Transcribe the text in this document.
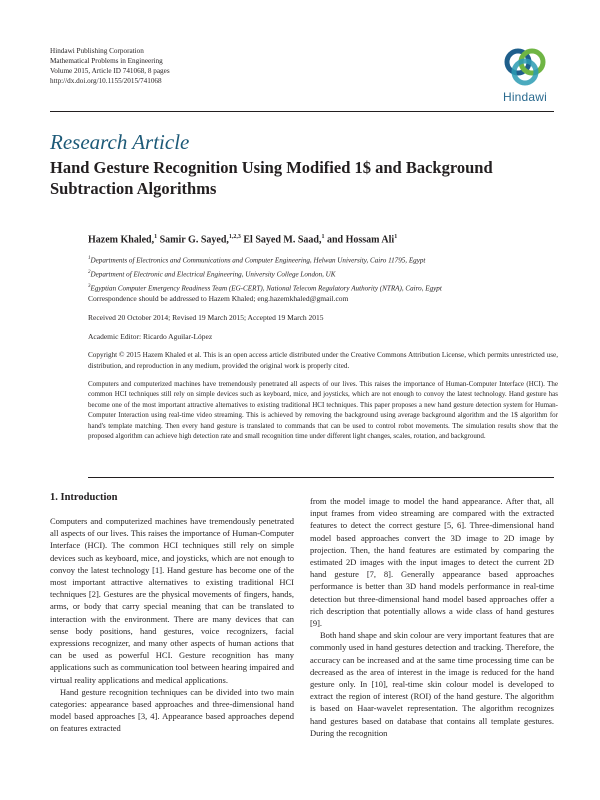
Hindawi Publishing Corporation
Mathematical Problems in Engineering
Volume 2015, Article ID 741068, 8 pages
http://dx.doi.org/10.1155/2015/741068
Hindawi
Research Article
Hand Gesture Recognition Using Modified 1$ and Background Subtraction Algorithms
Hazem Khaled,$^1$ Samir G. Sayed,$^{1,2,3}$ El Sayed M. Saad,$^1$ and Hossam Ali$^1$
$^1$Departments of Electronics and Communications and Computer Engineering, Helwan University, Cairo 11795, Egypt
$^2$Department of Electronic and Electrical Engineering, University College London, UK
$^3$Egyptian Computer Emergency Readiness Team (EG-CERT), National Telecom Regulatory Authority (NTRA), Cairo, Egypt
Correspondence should be addressed to Hazem Khaled; eng.hazemkhaled@gmail.com
Received 20 October 2014; Revised 19 March 2015; Accepted 19 March 2015
Academic Editor: Ricardo Aguilar-López
Copyright © 2015 Hazem Khaled et al. This is an open access article distributed under the Creative Commons Attribution License, which permits unrestricted use, distribution, and reproduction in any medium, provided the original work is properly cited.
Computers and computerized machines have tremendously penetrated all aspects of our lives. This raises the importance of Human-Computer Interface (HCI). The common HCI techniques still rely on simple devices such as keyboard, mice, and joysticks, which are not enough to convoy the latest technology. Hand gesture has become one of the most important attractive alternatives to existing traditional HCI techniques. This paper proposes a new hand gesture detection system for Human-Computer Interaction using real-time video streaming. This is achieved by removing the background using average background algorithm and the 1$ algorithm for hand's template matching. Then every hand gesture is translated to commands that can be used to control robot movements. The simulation results show that the proposed algorithm can achieve high detection rate and small recognition time under different light changes, scales, rotation, and background.
1. Introduction

Computers and computerized machines have tremendously penetrated all aspects of our lives. This raises the importance of Human-Computer Interface (HCI). The common HCI techniques still rely on simple devices such as keyboard, mice, and joysticks, which are not enough to convoy the latest technology [1]. Hand gesture has become one of the most important attractive alternatives to existing traditional HCI techniques [2]. Gestures are the physical movements of fingers, hands, arms, or body that carry special meaning that can be translated to interaction with the environment. There are many devices that can sense body positions, hand gestures, voice recognizers, facial expressions recognizer, and many other aspects of human actions that can be used as powerful HCI. Gesture recognition has many applications such as communication tool between hearing impaired and virtual reality applications and medical applications.

Hand gesture recognition techniques can be divided into two main categories: appearance based approaches and three-dimensional hand model based approaches [3, 4]. Appearance based approaches depend on features extracted

from the model image to model the hand appearance. After that, all input frames from video streaming are compared with the extracted features to detect the correct gesture [5, 6]. Three-dimensional hand model based approaches convert the 3D image to 2D image by projection. Then, the hand features are estimated by comparing the estimated 2D images with the input images to detect the current 2D hand gesture [7, 8]. Generally appearance based approaches performance is better than 3D hand models performance in real-time detection but three-dimensional hand model based approaches offer a rich description that potentially allows a wide class of hand gestures [9].

Both hand shape and skin colour are very important features that are commonly used in hand gestures detection and tracking. Therefore, the accuracy can be increased and at the same time processing time can be decreased as the area of interest in the image is reduced for the hand gesture only. In [10], real-time skin colour model is developed to extract the region of interest (ROI) of the hand gesture. The algorithm is based on Haar-wavelet representation. The algorithm recognizes hand gestures based on database that contains all template gestures. During the recognition
